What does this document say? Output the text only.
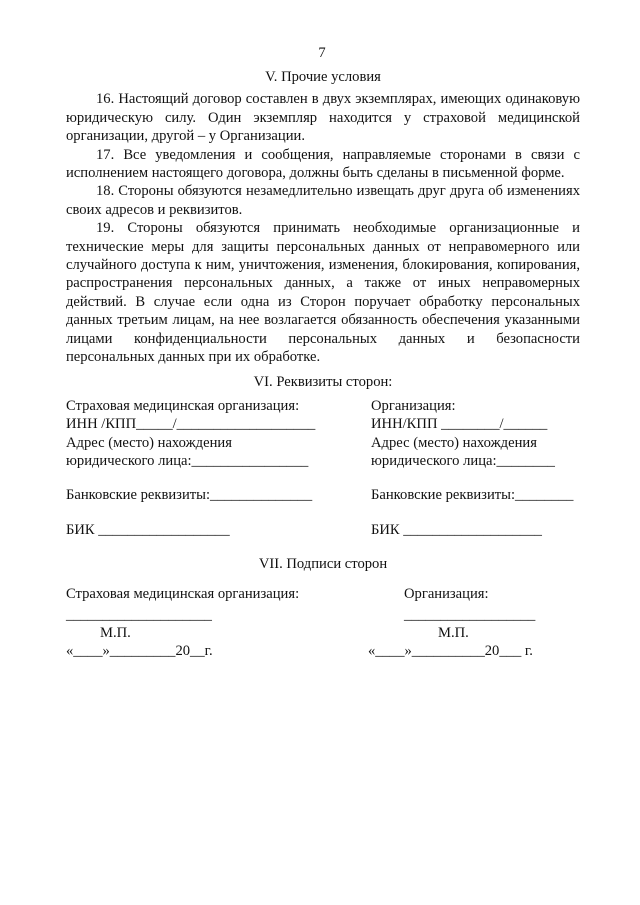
7
V. Прочие условия

16. Настоящий договор составлен в двух экземплярах, имеющих одинаковую юридическую силу. Один экземпляр находится у страховой медицинской организации, другой – у Организации.

17. Все уведомления и сообщения, направляемые сторонами в связи с исполнением настоящего договора, должны быть сделаны в письменной форме.

18. Стороны обязуются незамедлительно извещать друг друга об изменениях своих адресов и реквизитов.

19. Стороны обязуются принимать необходимые организационные и технические меры для защиты персональных данных от неправомерного или случайного доступа к ним, уничтожения, изменения, блокирования, копирования, распространения персональных данных, а также от иных неправомерных действий. В случае если одна из Сторон поручает обработку персональных данных третьим лицам, на нее возлагается обязанность обеспечения указанными лицами конфиденциальности персональных данных и безопасности персональных данных при их обработке.

VI. Реквизиты сторон:
Страховая медицинская организация:
ИНН /КПП_____/___________________
Адрес (место) нахождения
юридического лица:________________
Банковские реквизиты:______________
БИК __________________
Организация:
ИНН/КПП ________/______
Адрес (место) нахождения
юридического лица:________
Банковские реквизиты:________
БИК ___________________
VII. Подписи сторон
Страховая медицинская организация:
____________________
М.П.
«____»_________20__г.
Организация:
__________________
М.П.
«____»__________20___ г.
